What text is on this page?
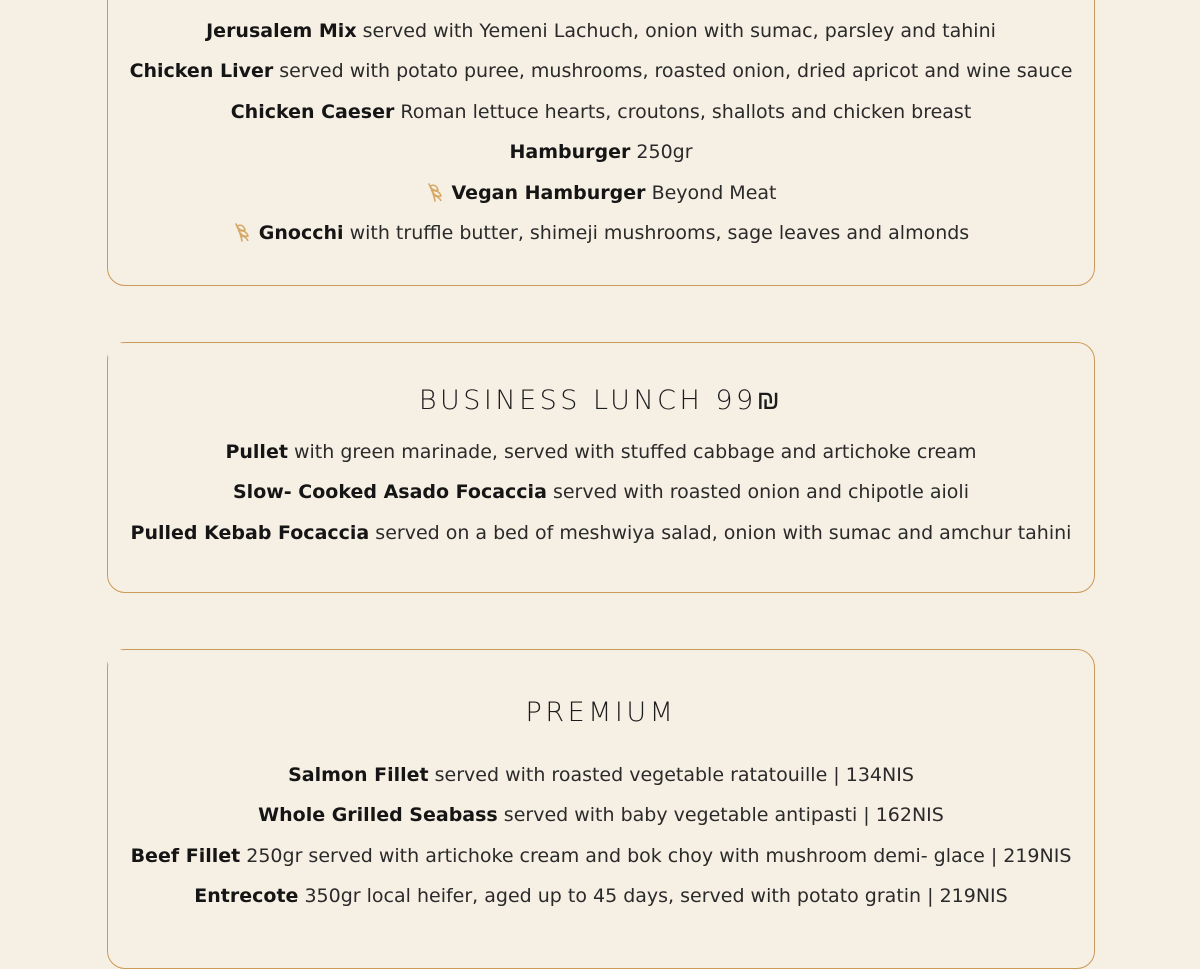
Jerusalem Mix served with Yemeni Lachuch, onion with sumac, parsley and tahini
Chicken Liver served with potato puree, mushrooms, roasted onion, dried apricot and wine sauce
Chicken Caeser Roman lettuce hearts, croutons, shallots and chicken breast
Hamburger 250gr
Vegan Hamburger Beyond Meat
Gnocchi with truffle butter, shimeji mushrooms, sage leaves and almonds
BUSINESS LUNCH 99₪
Pullet with green marinade, served with stuffed cabbage and artichoke cream
Slow- Cooked Asado Focaccia served with roasted onion and chipotle aioli
Pulled Kebab Focaccia served on a bed of meshwiya salad, onion with sumac and amchur tahini
PREMIUM
Salmon Fillet served with roasted vegetable ratatouille | 134NIS
Whole Grilled Seabass served with baby vegetable antipasti | 162NIS
Beef Fillet 250gr served with artichoke cream and bok choy with mushroom demi- glace | 219NIS
Entrecote 350gr local heifer, aged up to 45 days, served with potato gratin | 219NIS
